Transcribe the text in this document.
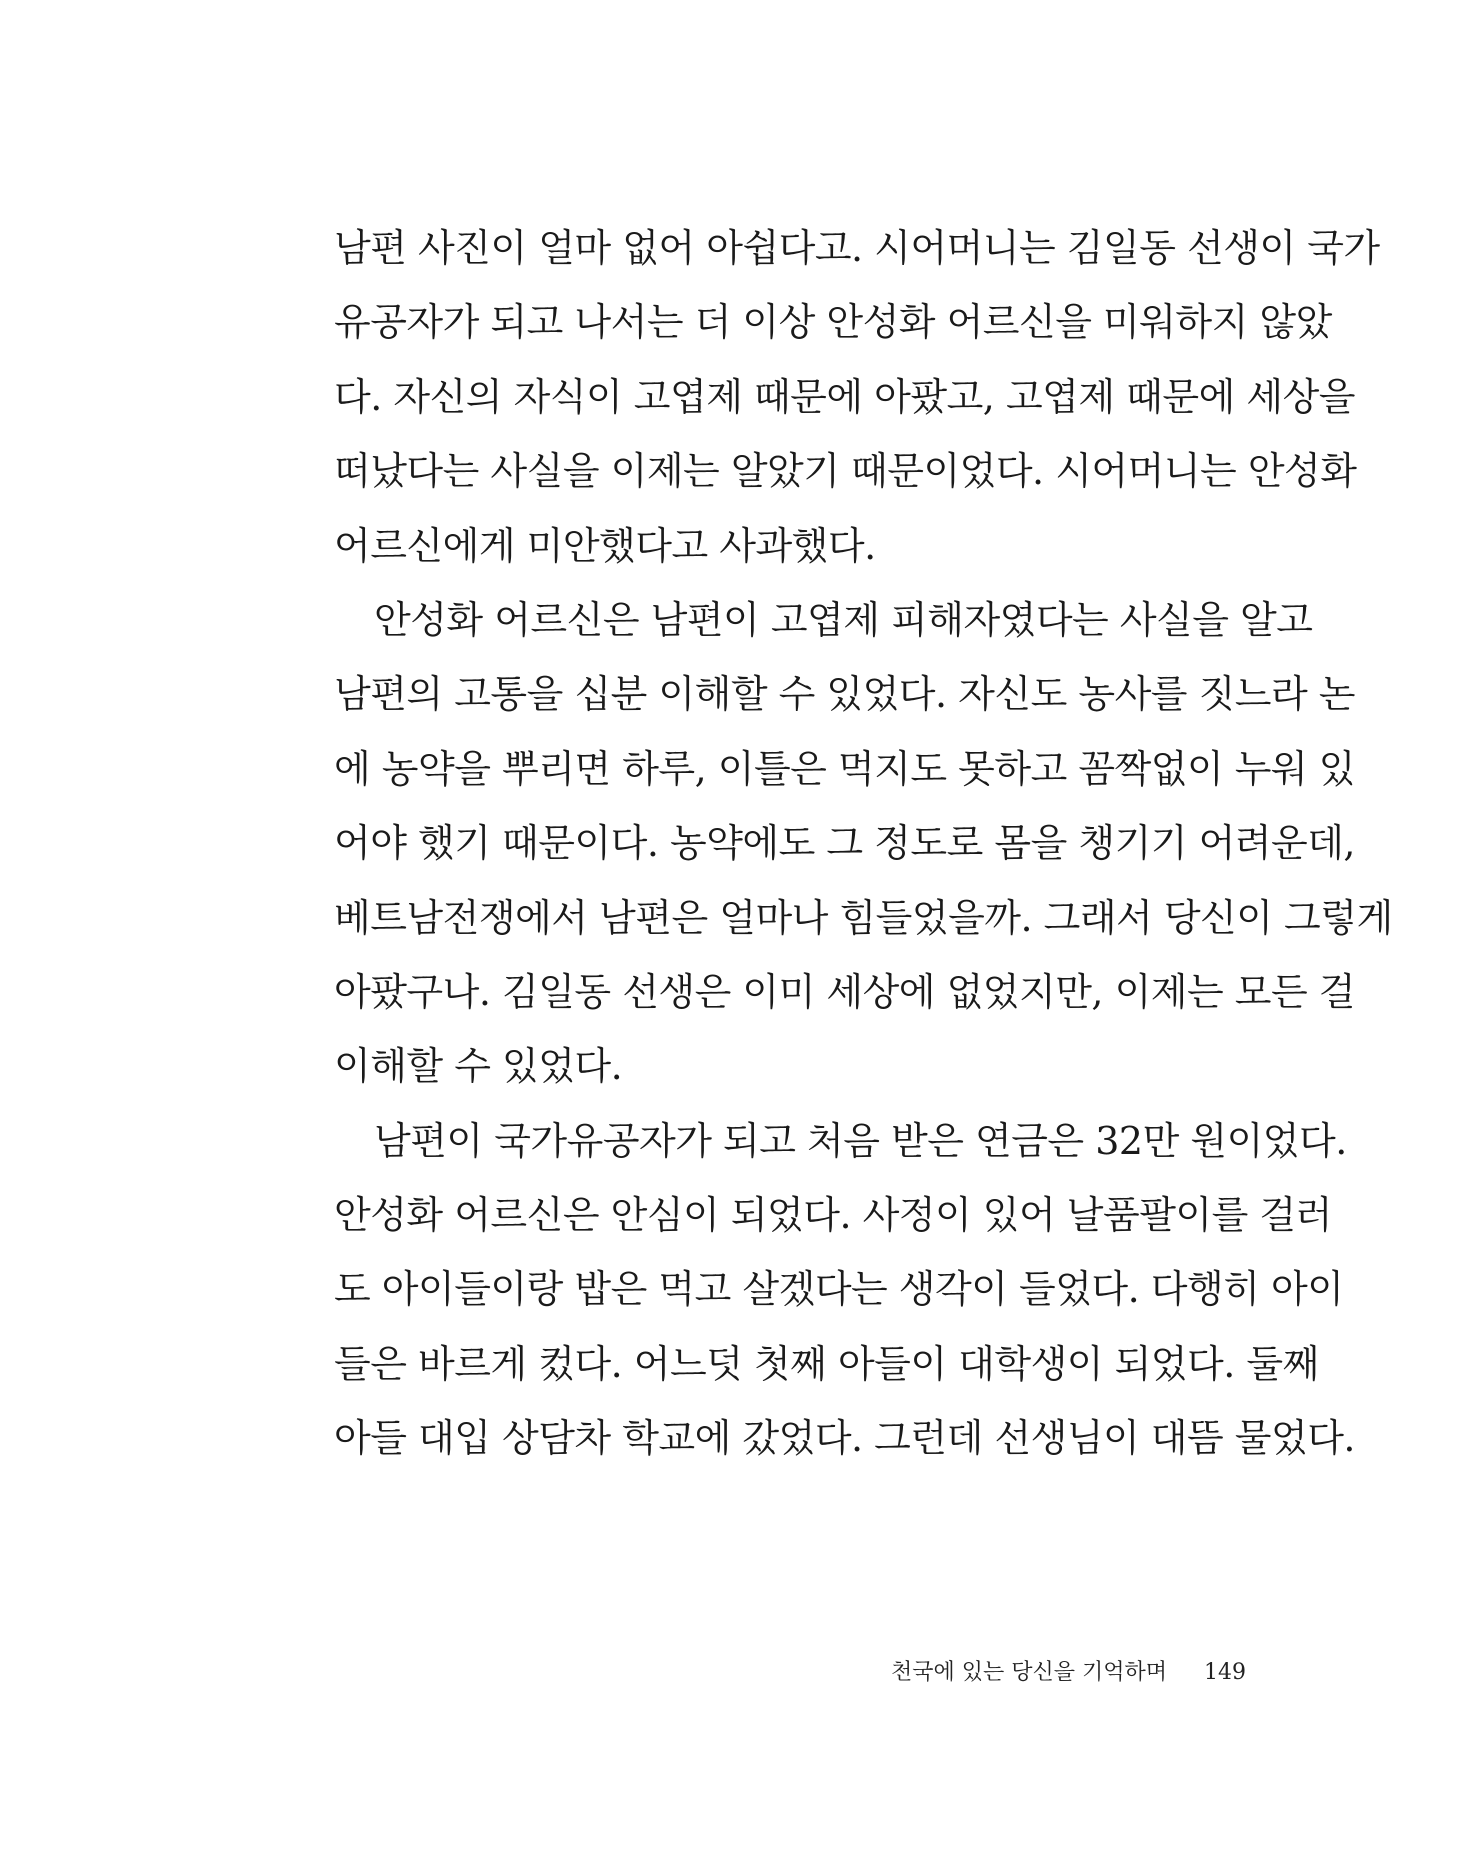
남편 사진이 얼마 없어 아쉽다고. 시어머니는 김일동 선생이 국가
유공자가 되고 나서는 더 이상 안성화 어르신을 미워하지 않았
다. 자신의 자식이 고엽제 때문에 아팠고, 고엽제 때문에 세상을
떠났다는 사실을 이제는 알았기 때문이었다. 시어머니는 안성화
어르신에게 미안했다고 사과했다.
안성화 어르신은 남편이 고엽제 피해자였다는 사실을 알고
남편의 고통을 십분 이해할 수 있었다. 자신도 농사를 짓느라 논
에 농약을 뿌리면 하루, 이틀은 먹지도 못하고 꼼짝없이 누워 있
어야 했기 때문이다. 농약에도 그 정도로 몸을 챙기기 어려운데,
베트남전쟁에서 남편은 얼마나 힘들었을까. 그래서 당신이 그렇게
아팠구나. 김일동 선생은 이미 세상에 없었지만, 이제는 모든 걸
이해할 수 있었다.
남편이 국가유공자가 되고 처음 받은 연금은 32만 원이었다.
안성화 어르신은 안심이 되었다. 사정이 있어 날품팔이를 걸러
도 아이들이랑 밥은 먹고 살겠다는 생각이 들었다. 다행히 아이
들은 바르게 컸다. 어느덧 첫째 아들이 대학생이 되었다. 둘째
아들 대입 상담차 학교에 갔었다. 그런데 선생님이 대뜸 물었다.
천국에 있는 당신을 기억하며 149
